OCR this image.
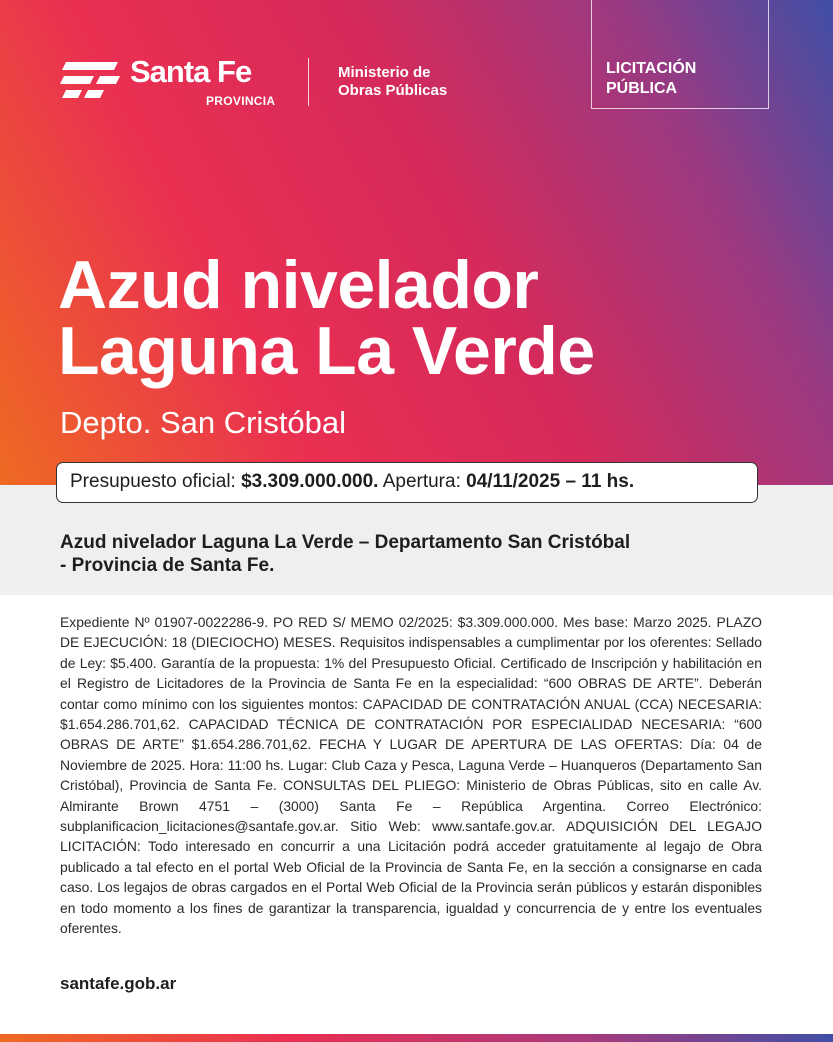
Santa Fe
PROVINCIA
Ministerio de
Obras Públicas
LICITACIÓN
PÚBLICA
Azud nivelador
Laguna La Verde
Depto. San Cristóbal
Presupuesto oficial: $3.309.000.000. Apertura: 04/11/2025 – 11 hs.
Azud nivelador Laguna La Verde – Departamento San Cristóbal
- Provincia de Santa Fe.

Expediente Nº 01907-0022286-9. PO RED S/ MEMO 02/2025: $3.309.000.000. Mes base: Marzo 2025. PLAZO DE EJECUCIÓN: 18 (DIECIOCHO) MESES. Requisitos indispensables a cumplimentar por los oferentes: Sellado de Ley: $5.400. Garantía de la propuesta: 1% del Presupuesto Oficial. Certificado de Inscripción y habilitación en el Registro de Licitadores de la Provincia de Santa Fe en la especialidad: “600 OBRAS DE ARTE”. Deberán contar como mínimo con los siguientes montos: CAPACIDAD DE CONTRATACIÓN ANUAL (CCA) NECESARIA: $1.654.286.701,62. CAPACIDAD TÉCNICA DE CONTRATACIÓN POR ESPECIALIDAD NECESARIA: “600 OBRAS DE ARTE” $1.654.286.701,62. FECHA Y LUGAR DE APERTURA DE LAS OFERTAS: Día: 04 de Noviembre de 2025. Hora: 11:00 hs. Lugar: Club Caza y Pesca, Laguna Verde – Huanqueros (Departamento San Cristóbal), Provincia de Santa Fe. CONSULTAS DEL PLIEGO: Ministerio de Obras Públicas, sito en calle Av. Almirante Brown 4751 – (3000) Santa Fe – República Argentina. Correo Electrónico: subplanificacion_licitaciones@santafe.gov.ar. Sitio Web: www.santafe.gov.ar. ADQUISICIÓN DEL LEGAJO LICITACIÓN: Todo interesado en concurrir a una Licitación podrá acceder gratuitamente al legajo de Obra publicado a tal efecto en el portal Web Oficial de la Provincia de Santa Fe, en la sección a consignarse en cada caso. Los legajos de obras cargados en el Portal Web Oficial de la Provincia serán públicos y estarán disponibles en todo momento a los fines de garantizar la transparencia, igualdad y concurrencia de y entre los eventuales oferentes.

santafe.gob.ar
